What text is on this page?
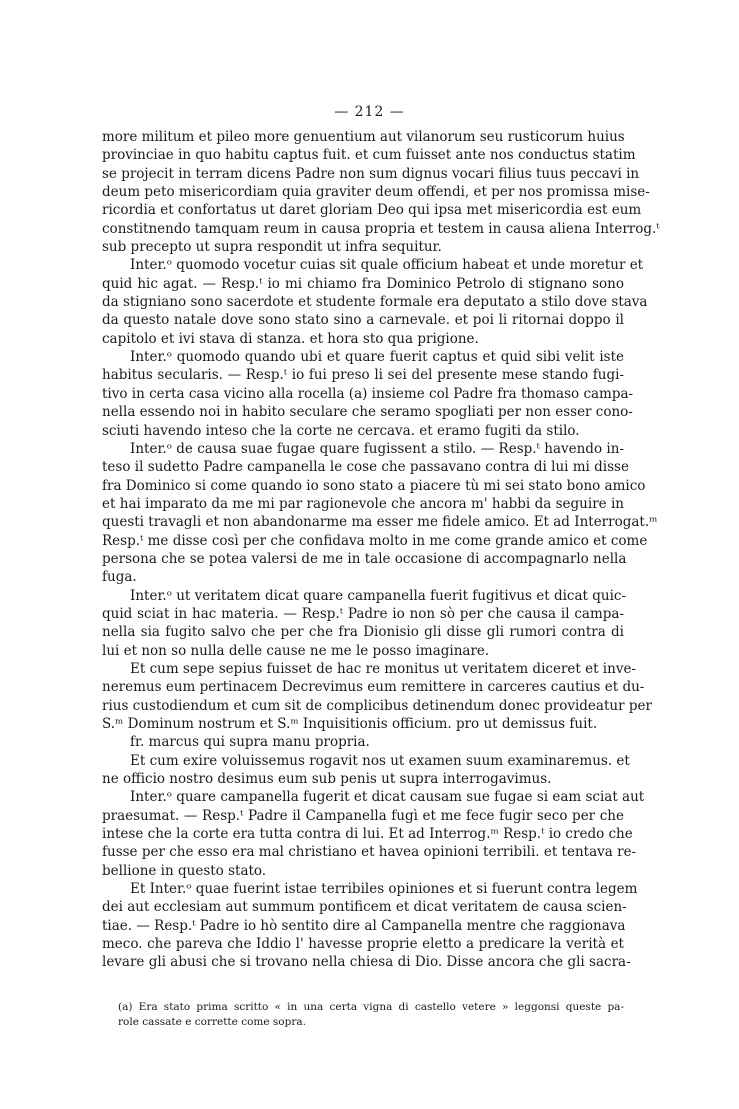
— 212 —
more militum et pileo more genuentium aut vilanorum seu rusticorum huius
provinciae in quo habitu captus fuit. et cum fuisset ante nos conductus statim
se projecit in terram dicens Padre non sum dignus vocari filius tuus peccavi in
deum peto misericordiam quia graviter deum offendi, et per nos promissa mise-
ricordia et confortatus ut daret gloriam Deo qui ipsa met misericordia est eum
constitnendo tamquam reum in causa propria et testem in causa aliena Interrog.ᵗ
sub precepto ut supra respondit ut infra sequitur.
Inter.ᵒ quomodo vocetur cuias sit quale officium habeat et unde moretur et
quid hic agat. — Resp.ᵗ io mi chiamo fra Dominico Petrolo di stignano sono
da stigniano sono sacerdote et studente formale era deputato a stilo dove stava
da questo natale dove sono stato sino a carnevale. et poi li ritornai doppo il
capitolo et ivi stava di stanza. et hora sto qua prigione.
Inter.ᵒ quomodo quando ubi et quare fuerit captus et quid sibi velit iste
habitus secularis. — Resp.ᵗ io fui preso li sei del presente mese stando fugi-
tivo in certa casa vicino alla rocella (a) insieme col Padre fra thomaso campa-
nella essendo noi in habito seculare che seramo spogliati per non esser cono-
sciuti havendo inteso che la corte ne cercava. et eramo fugiti da stilo.
Inter.ᵒ de causa suae fugae quare fugissent a stilo. — Resp.ᵗ havendo in-
teso il sudetto Padre campanella le cose che passavano contra di lui mi disse
fra Dominico si come quando io sono stato a piacere tù mi sei stato bono amico
et hai imparato da me mi par ragionevole che ancora m' habbi da seguire in
questi travagli et non abandonarme ma esser me fidele amico. Et ad Interrogat.ᵐ
Resp.ᵗ me disse così per che confidava molto in me come grande amico et come
persona che se potea valersi de me in tale occasione di accompagnarlo nella
fuga.
Inter.ᵒ ut veritatem dicat quare campanella fuerit fugitivus et dicat quic-
quid sciat in hac materia. — Resp.ᵗ Padre io non sò per che causa il campa-
nella sia fugito salvo che per che fra Dionisio gli disse gli rumori contra di
lui et non so nulla delle cause ne me le posso imaginare.
Et cum sepe sepius fuisset de hac re monitus ut veritatem diceret et inve-
neremus eum pertinacem Decrevimus eum remittere in carceres cautius et du-
rius custodiendum et cum sit de complicibus detinendum donec provideatur per
S.ᵐ Dominum nostrum et S.ᵐ Inquisitionis officium. pro ut demissus fuit.
fr. marcus qui supra manu propria.
Et cum exire voluissemus rogavit nos ut examen suum examinaremus. et
ne officio nostro desimus eum sub penis ut supra interrogavimus.
Inter.ᵒ quare campanella fugerit et dicat causam sue fugae si eam sciat aut
praesumat. — Resp.ᵗ Padre il Campanella fugì et me fece fugir seco per che
intese che la corte era tutta contra di lui. Et ad Interrog.ᵐ Resp.ᵗ io credo che
fusse per che esso era mal christiano et havea opinioni terribili. et tentava re-
bellione in questo stato.
Et Inter.ᵒ quae fuerint istae terribiles opiniones et si fuerunt contra legem
dei aut ecclesiam aut summum pontificem et dicat veritatem de causa scien-
tiae. — Resp.ᵗ Padre io hò sentito dire al Campanella mentre che raggionava
meco. che pareva che Iddio l' havesse proprie eletto a predicare la verità et
levare gli abusi che si trovano nella chiesa di Dio. Disse ancora che gli sacra-
(a) Era stato prima scritto « in una certa vigna di castello vetere » leggonsi queste pa-
role cassate e corrette come sopra.
